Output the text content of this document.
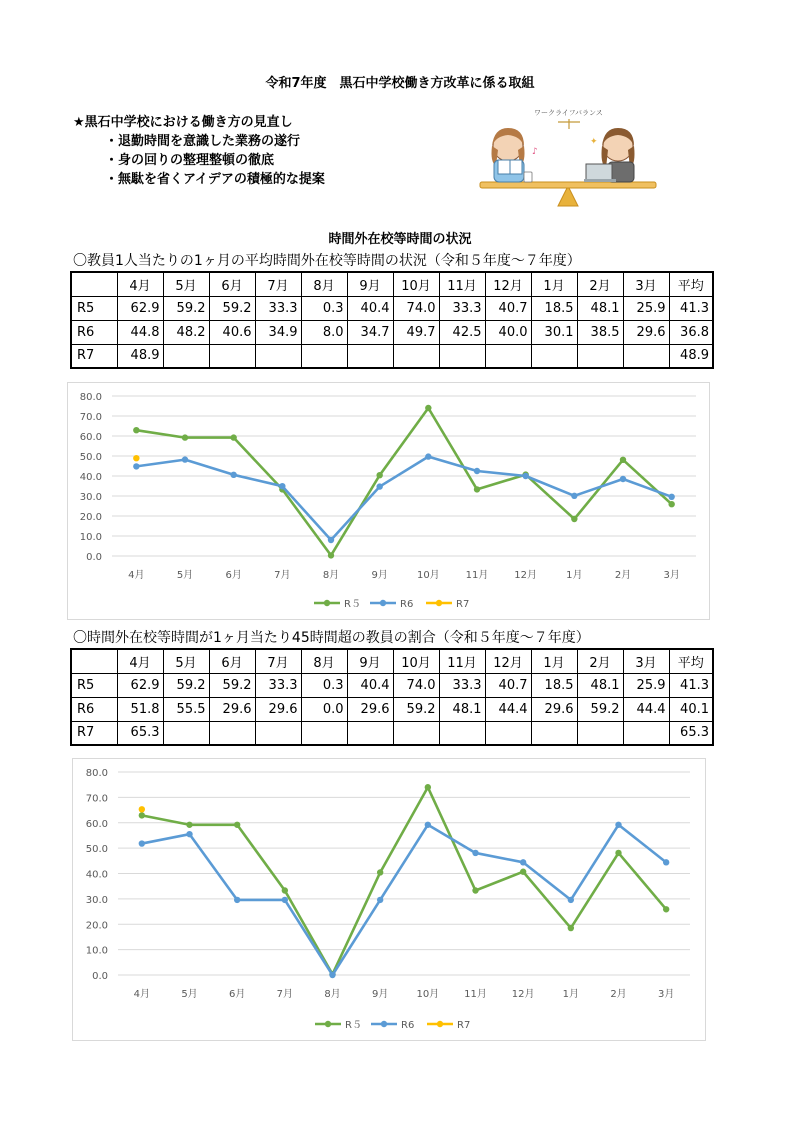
令和7年度　黒石中学校働き方改革に係る取組
★黒石中学校における働き方の見直し
・退勤時間を意識した業務の遂行
・身の回りの整理整頓の徹底
・無駄を省くアイデアの積極的な提案
ワークライフバランス
♪
✦
時間外在校等時間の状況
〇教員1人当たりの1ヶ月の平均時間外在校等時間の状況（令和５年度～７年度）
	4月	5月	6月	7月	8月	9月	10月	11月	12月	1月	2月	3月	平均
R5	62.9	59.2	59.2	33.3	0.3	40.4	74.0	33.3	40.7	18.5	48.1	25.9	41.3
R6	44.8	48.2	40.6	34.9	8.0	34.7	49.7	42.5	40.0	30.1	38.5	29.6	36.8
R7	48.9												48.9
0.0
10.0
20.0
30.0
40.0
50.0
60.0
70.0
80.0
4月	5月	6月	7月	8月	9月	10月	11月	12月	1月	2月	3月
R５	R6	R7
〇時間外在校等時間が1ヶ月当たり45時間超の教員の割合（令和５年度～７年度）
	4月	5月	6月	7月	8月	9月	10月	11月	12月	1月	2月	3月	平均
R5	62.9	59.2	59.2	33.3	0.3	40.4	74.0	33.3	40.7	18.5	48.1	25.9	41.3
R6	51.8	55.5	29.6	29.6	0.0	29.6	59.2	48.1	44.4	29.6	59.2	44.4	40.1
R7	65.3												65.3
0.0
10.0
20.0
30.0
40.0
50.0
60.0
70.0
80.0
4月	5月	6月	7月	8月	9月	10月 11月 12月	1月	2月	3月
R５	R6	R7
